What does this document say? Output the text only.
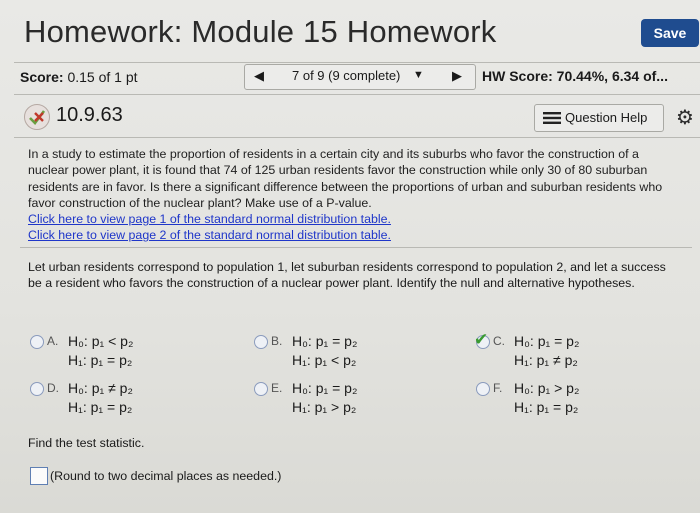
Homework: Module 15 Homework	Save
Score: 0.15 of 1 pt	◀ 7 of 9 (9 complete) ▼ ▶ HW Score: 70.44%, 6.34 of...
10.9.63	Question Help ⚙
In a study to estimate the proportion of residents in a certain city and its suburbs who favor the construction of a nuclear power plant, it is found that 74 of 125 urban residents favor the construction while only 30 of 80 suburban residents are in favor. Is there a significant difference between the proportions of urban and suburban residents who favor construction of the nuclear plant? Make use of a P-value.
Click here to view page 1 of the standard normal distribution table.
Click here to view page 2 of the standard normal distribution table.
Let urban residents correspond to population 1, let suburban residents correspond to population 2, and let a success be a resident who favors the construction of a nuclear power plant. Identify the null and alternative hypotheses.
A. H₀: p₁ < p₂
H₁: p₁ = p₂
B. H₀: p₁ = p₂
H₁: p₁ < p₂
✔ C. H₀: p₁ = p₂
H₁: p₁ ≠ p₂
D. H₀: p₁ ≠ p₂
H₁: p₁ = p₂
E. H₀: p₁ = p₂
H₁: p₁ > p₂
F. H₀: p₁ > p₂
H₁: p₁ = p₂
Find the test statistic.
(Round to two decimal places as needed.)
